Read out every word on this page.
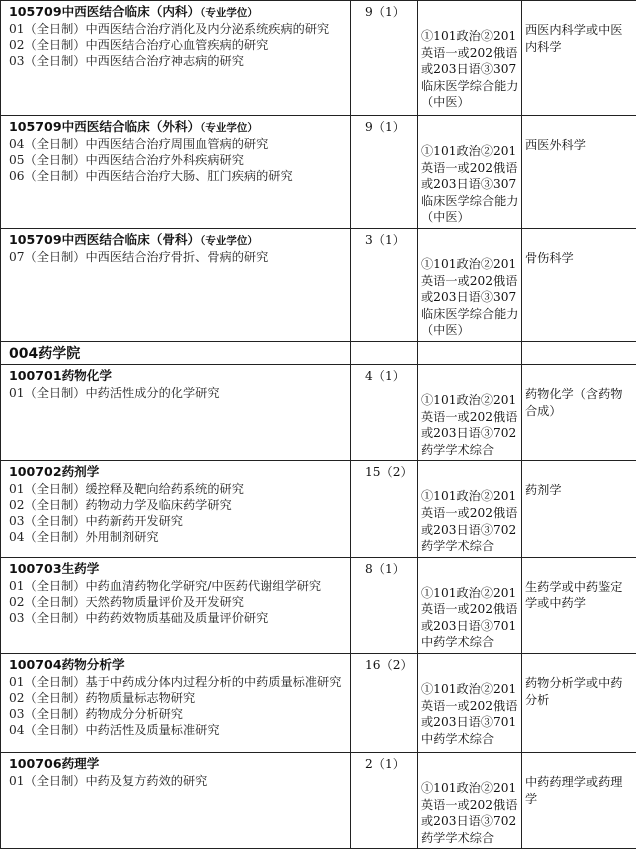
105709中西医结合临床（内科）（专业学位）
01（全日制）中西医结合治疗消化及内分泌系统疾病的研究
02（全日制）中西医结合治疗心血管疾病的研究
03（全日制）中西医结合治疗神志病的研究	9（1）	①101政治②201英语一或202俄语或203日语③307临床医学综合能力（中医）	西医内科学或中医内科学

105709中西医结合临床（外科）（专业学位）
04（全日制）中西医结合治疗周围血管病的研究
05（全日制）中西医结合治疗外科疾病研究
06（全日制）中西医结合治疗大肠、肛门疾病的研究	9（1）	①101政治②201英语一或202俄语或203日语③307临床医学综合能力（中医）	西医外科学

105709中西医结合临床（骨科）（专业学位）
07（全日制）中西医结合治疗骨折、骨病的研究	3（1）	①101政治②201英语一或202俄语或203日语③307临床医学综合能力（中医）	骨伤科学
004药学院			

100701药物化学
01（全日制）中药活性成分的化学研究	4（1）	①101政治②201英语一或202俄语或203日语③702药学学术综合	药物化学（含药物合成）

100702药剂学
01（全日制）缓控释及靶向给药系统的研究
02（全日制）药物动力学及临床药学研究
03（全日制）中药新药开发研究
04（全日制）外用制剂研究	15（2）	①101政治②201英语一或202俄语或203日语③702药学学术综合	药剂学

100703生药学
01（全日制）中药血清药物化学研究/中医药代谢组学研究
02（全日制）天然药物质量评价及开发研究
03（全日制）中药药效物质基础及质量评价研究	8（1）	①101政治②201英语一或202俄语或203日语③701中药学术综合	生药学或中药鉴定学或中药学

100704药物分析学
01（全日制）基于中药成分体内过程分析的中药质量标准研究
02（全日制）药物质量标志物研究
03（全日制）药物成分分析研究
04（全日制）中药活性及质量标准研究	16（2）	①101政治②201英语一或202俄语或203日语③701中药学术综合	药物分析学或中药分析

100706药理学
01（全日制）中药及复方药效的研究	2（1）	①101政治②201英语一或202俄语或203日语③702药学学术综合	中药药理学或药理学
